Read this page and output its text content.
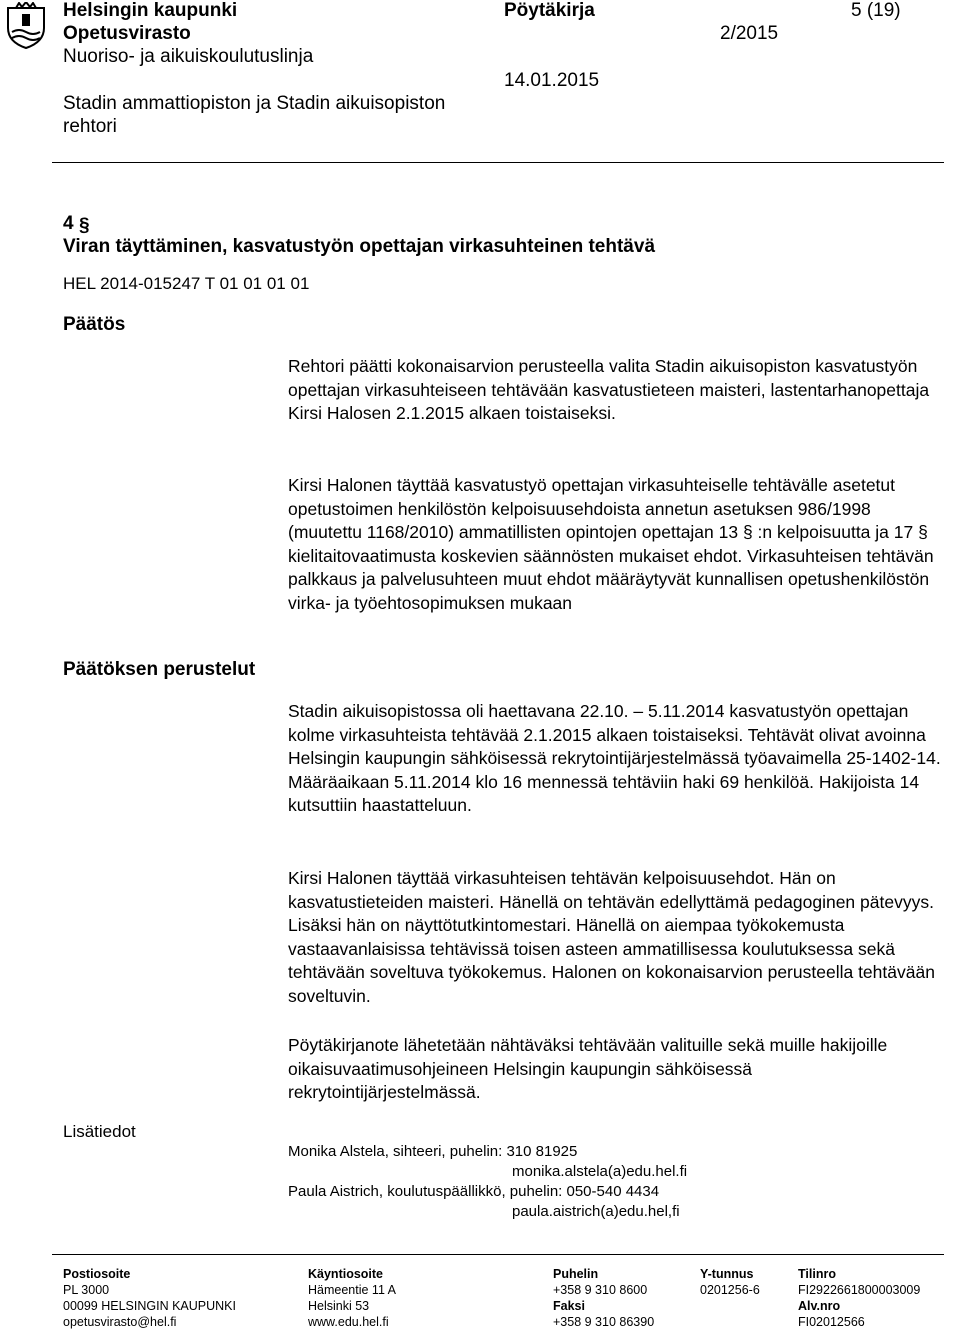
Helsingin kaupunki
Opetusvirasto
Nuoriso- ja aikuiskoulutuslinja
Stadin ammattiopiston ja Stadin aikuisopiston
rehtori
Pöytäkirja	5 (19)
2/2015
14.01.2015
4 §
Viran täyttäminen, kasvatustyön opettajan virkasuhteinen tehtävä
HEL 2014-015247 T 01 01 01 01
Päätös
Päätöksen perustelut
Lisätiedot

Rehtori päätti kokonaisarvion perusteella valita Stadin aikuisopiston kasvatustyön opettajan virkasuhteiseen tehtävään kasvatustieteen maisteri, lastentarhanopettaja Kirsi Halosen 2.1.2015 alkaen toistaiseksi.

Kirsi Halonen täyttää kasvatustyö opettajan virkasuhteiselle tehtävälle asetetut opetustoimen henkilöstön kelpoisuusehdoista annetun asetuksen 986/1998 (muutettu 1168/2010) ammatillisten opintojen opettajan 13 § :n kelpoisuutta ja 17 § kielitaitovaatimusta koskevien säännösten mukaiset ehdot. Virkasuhteisen tehtävän palkkaus ja palvelusuhteen muut ehdot määräytyvät kunnallisen opetushenkilöstön virka- ja työehtosopimuksen mukaan

Stadin aikuisopistossa oli haettavana 22.10. – 5.11.2014 kasvatustyön opettajan kolme virkasuhteista tehtävää 2.1.2015 alkaen toistaiseksi. Tehtävät olivat avoinna Helsingin kaupungin sähköisessä rekrytointijärjestelmässä työavaimella 25-1402-14. Määräaikaan 5.11.2014 klo 16 mennessä tehtäviin haki 69 henkilöä. Hakijoista 14 kutsuttiin haastatteluun.

Kirsi Halonen täyttää virkasuhteisen tehtävän kelpoisuusehdot. Hän on kasvatustieteiden maisteri. Hänellä on tehtävän edellyttämä pedagoginen pätevyys. Lisäksi hän on näyttötutkintomestari. Hänellä on aiempaa työkokemusta vastaavanlaisissa tehtävissä toisen asteen ammatillisessa koulutuksessa sekä tehtävään soveltuva työkokemus. Halonen on kokonaisarvion perusteella tehtävään soveltuvin.

Pöytäkirjanote lähetetään nähtäväksi tehtävään valituille sekä muille hakijoille oikaisuvaatimusohjeineen Helsingin kaupungin sähköisessä rekrytointijärjestelmässä.

Monika Alstela, sihteeri, puhelin: 310 81925
monika.alstela(a)edu.hel.fi
Paula Aistrich, koulutuspäällikkö, puhelin: 050-540 4434
paula.aistrich(a)edu.hel,fi
Postiosoite
PL 3000
00099 HELSINGIN KAUPUNKI
opetusvirasto@hel.fi
Käyntiosoite
Hämeentie 11 A
Helsinki 53
www.edu.hel.fi
Puhelin
+358 9 310 8600
Faksi
+358 9 310 86390
Y-tunnus
0201256-6
Tilinro
FI2922661800003009
Alv.nro
FI02012566
